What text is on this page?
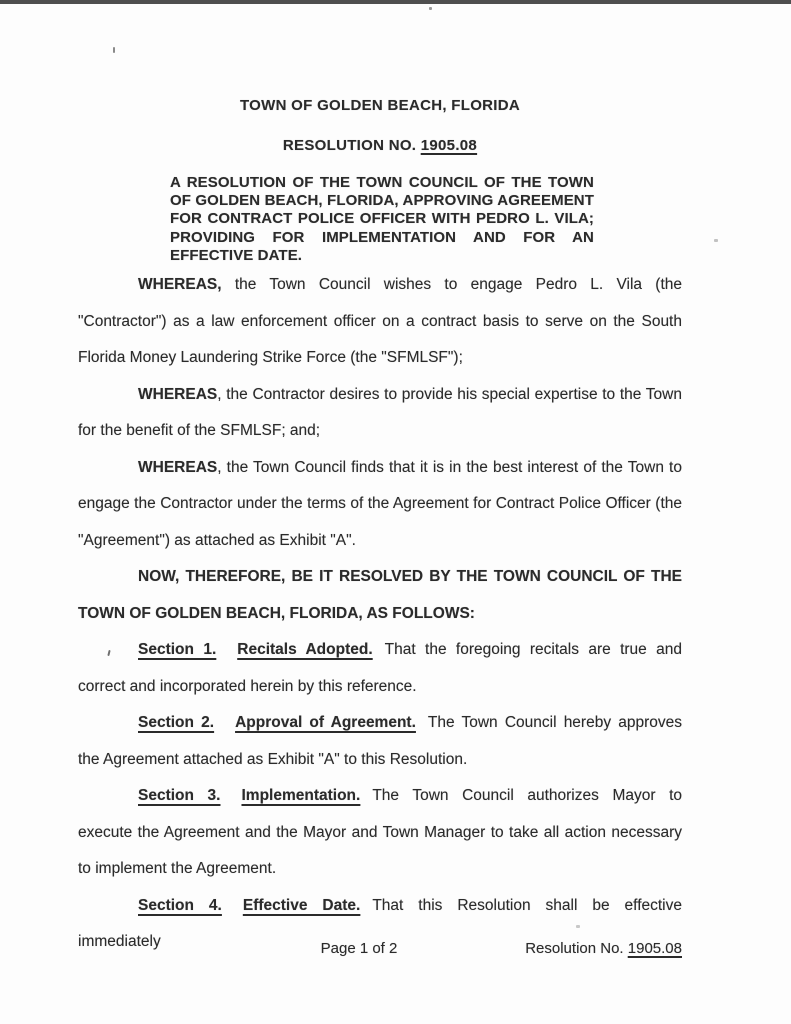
TOWN OF GOLDEN BEACH, FLORIDA

RESOLUTION NO. 1905.08

A RESOLUTION OF THE TOWN COUNCIL OF THE TOWN OF GOLDEN BEACH, FLORIDA, APPROVING AGREEMENT FOR CONTRACT POLICE OFFICER WITH PEDRO L. VILA; PROVIDING FOR IMPLEMENTATION AND FOR AN EFFECTIVE DATE.

WHEREAS, the Town Council wishes to engage Pedro L. Vila (the "Contractor") as a law enforcement officer on a contract basis to serve on the South Florida Money Laundering Strike Force (the "SFMLSF");

WHEREAS, the Contractor desires to provide his special expertise to the Town for the benefit of the SFMLSF; and;

WHEREAS, the Town Council finds that it is in the best interest of the Town to engage the Contractor under the terms of the Agreement for Contract Police Officer (the "Agreement") as attached as Exhibit "A".

NOW, THEREFORE, BE IT RESOLVED BY THE TOWN COUNCIL OF THE TOWN OF GOLDEN BEACH, FLORIDA, AS FOLLOWS:

Section 1. Recitals Adopted. That the foregoing recitals are true and correct and incorporated herein by this reference.

Section 2. Approval of Agreement. The Town Council hereby approves the Agreement attached as Exhibit "A" to this Resolution.

Section 3. Implementation. The Town Council authorizes Mayor to execute the Agreement and the Mayor and Town Manager to take all action necessary to implement the Agreement.

Section 4. Effective Date. That this Resolution shall be effective immediately	Page 1 of 2	Resolution No. 1905.08
